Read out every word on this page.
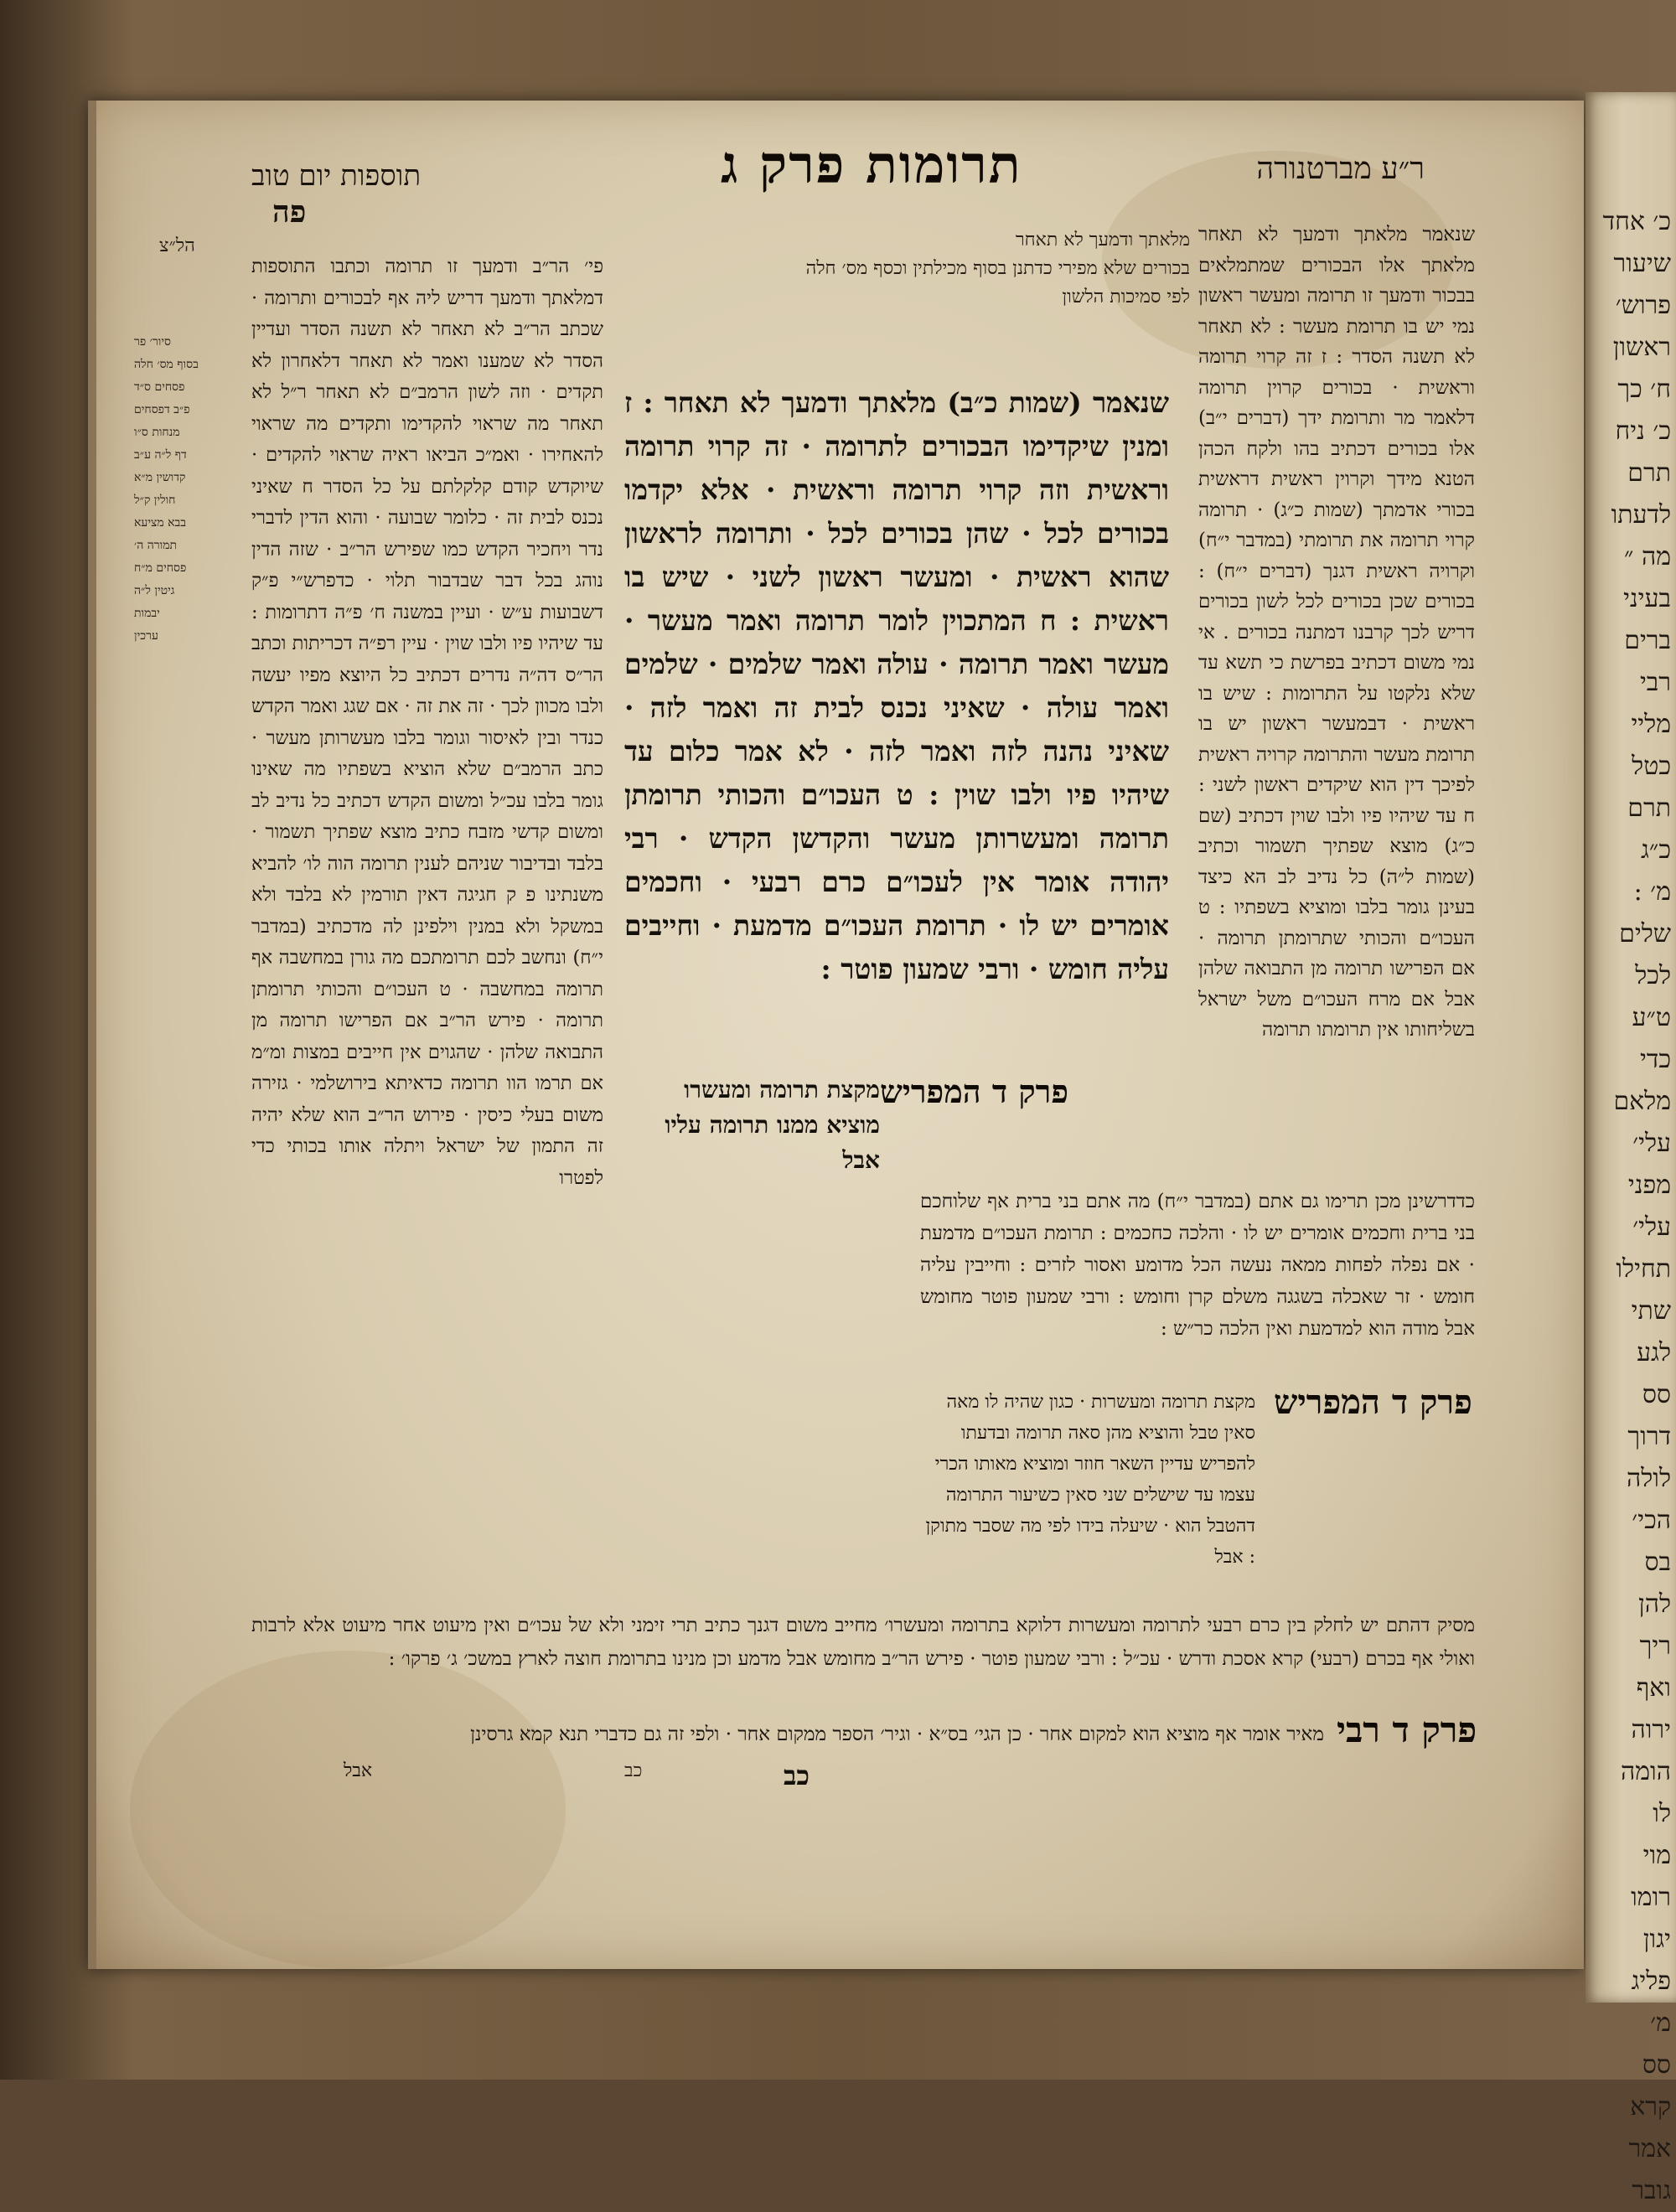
כ׳ אחד
שיעור
פרוש׳
ראשון
ח׳ כך
כ׳ ניח
תרם
לדעתו
מה ״
בעיני
ברים
רבי
מליי
כטל
תרם
כ״ג
מ׳ :
שלים
לכל
ט״ע
כדי
מלאם
עלי׳
מפני
עלי׳
תחילו
שתי
לגע
סס
דרוך
לולה
הכי׳
בס
להן
ריך
ואף
ירוה
הומה
לו
מוי
רומו
יגון
פליג
מ׳
סס
קרא
אמר
גובר
ר״ע מברטנורה
תרומות פרק ג
תוספות יום טוב
פה
הל״צ	מלאתך ודמעך לא תאחר
בכורים שלא מפירי כדתנן בסוף מכילתין וכסף מס׳ חלה
לפי סמיכות הלשון
שנאמר מלאתך ודמעך לא תאחר מלאתך אלו הבכורים שמתמלאים בבכור ודמעך זו תרומה ומעשר ראשון נמי יש בו תרומת מעשר : לא תאחר לא תשנה הסדר : ז זה קרוי תרומה וראשית · בכורים קרוין תרומה דלאמר מר ותרומת ידך (דברים י״ב) אלו בכורים דכתיב בהו ולקח הכהן הטנא מידך וקרוין ראשית דראשית בכורי אדמתך (שמות כ״ג) · תרומה קרוי תרומה את תרומתי (במדבר י״ח) וקרויה ראשית דגנך (דברים י״ח) : בכורים שכן בכורים לכל לשון בכורים דריש לכך קרבנו דמתנה בכורים . אי נמי משום דכתיב בפרשת כי תשא עד שלא נלקטו על התרומות : שיש בו ראשית · דבמעשר ראשון יש בו תרומת מעשר והתרומה קרויה ראשית לפיכך דין הוא שיקדים ראשון לשני : ח עד שיהיו פיו ולבו שוין דכתיב (שם כ״ג) מוצא שפתיך תשמור וכתיב (שמות ל״ה) כל נדיב לב הא כיצד בעינן גומר בלבו ומוציא בשפתיו : ט העכו״ם והכותי שתרומתן תרומה · אם הפרישו תרומה מן התבואה שלהן אבל אם מרח העכו״ם משל ישראל בשליחותו אין תרומתו תרומה
שנאמר (שמות כ״ב) מלאתך ודמעך לא תאחר : ז ומנין שיקדימו הבכורים לתרומה · זה קרוי תרומה וראשית וזה קרוי תרומה וראשית · אלא יקדמו בכורים לכל · שהן בכורים לכל · ותרומה לראשון שהוא ראשית · ומעשר ראשון לשני · שיש בו ראשית : ח המתכוין לומר תרומה ואמר מעשר · מעשר ואמר תרומה · עולה ואמר שלמים · שלמים ואמר עולה · שאיני נכנס לבית זה ואמר לזה · שאיני נהנה לזה ואמר לזה · לא אמר כלום עד שיהיו פיו ולבו שוין : ט העכו״ם והכותי תרומתן תרומה ומעשרותן מעשר והקדשן הקדש · רבי יהודה אומר אין לעכו״ם כרם רבעי · וחכמים אומרים יש לו · תרומת העכו״ם מדמעת · וחייבים עליה חומש · ורבי שמעון פוטר :
פי׳ הר״ב ודמעך זו תרומה וכתבו התוספות דמלאתך ודמעך דריש ליה אף לבכורים ותרומה · שכתב הר״ב לא תאחר לא תשנה הסדר ועדיין הסדר לא שמענו ואמר לא תאחר דלאחרון לא תקדים · וזה לשון הרמב״ם לא תאחר ר״ל לא תאחר מה שראוי להקדימו ותקדים מה שראוי להאחירו · ואמ״כ הביאו ראיה שראוי להקדים · שיוקדש קודם קלקלתם על כל הסדר ח שאיני נכנס לבית זה · כלומר שבועה · והוא הדין לדברי נדר ויחכיר הקדש כמו שפירש הר״ב · שזה הדין נוהג בכל דבר שבדבור תלוי · כדפרש״י פ״ק דשבועות ע״ש · ועיין במשנה ח׳ פ״ה דתרומות : עד שיהיו פיו ולבו שוין · עיין רפ״ה דכריתות וכתב הר״ס דה״ה נדרים דכתיב כל היוצא מפיו יעשה ולבו מכוון לכך · זה את זה · אם שגג ואמר הקדש כנדר ובין לאיסור וגומר בלבו מעשרותן מעשר · כתב הרמב״ם שלא הוציא בשפתיו מה שאינו גומר בלבו עכ״ל ומשום הקדש דכתיב כל נדיב לב ומשום קדשי מזבח כתיב מוצא שפתיך תשמור · בלבד ובדיבור שניהם לענין תרומה הוה לו׳ להביא משנתינו פ ק חגיגה דאין תורמין לא בלבד ולא במשקל ולא במנין וילפינן לה מדכתיב (במדבר י״ח) ונחשב לכם תרומתכם מה גורן במחשבה אף תרומה במחשבה · ט העכו״ם והכותי תרומתן תרומה · פירש הר״ב אם הפרישו תרומה מן התבואה שלהן · שהגוים אין חייבים במצות ומ״מ אם תרמו הוו תרומה כדאיתא בירושלמי · גזירה משום בעלי כיסין · פירוש הר״ב הוא שלא יהיה זה התמון של ישראל ויתלה אותו בכותי כדי לפטרו
סיור׳ פר
בסוף מס׳ חלה
פסחים ס״ד
פ״ב דפסחים
מנחות ס״ו
דף ל״ה ע״ב
קדושין מ״א
חולין ק״ל
בבא מציעא
תמורה ה׳
פסחים מ״ח
גיטין ל״ה
יבמות
ערכין
פרק ד המפריש
מקצת תרומה ומעשרו מוציא ממנו תרומה עליו
אבל
כדדרשינן מכן תרימו גם אתם (במדבר י״ח) מה אתם בני ברית אף שלוחכם בני ברית וחכמים אומרים יש לו · והלכה כחכמים : תרומת העכו״ם מדמעת · אם נפלה לפחות ממאה נעשה הכל מדומע ואסור לזרים : וחייבין עליה חומש · זר שאכלה בשגגה משלם קרן וחומש : ורבי שמעון פוטר מחומש אבל מודה הוא למדמעת ואין הלכה כר״ש :
פרק ד המפריש
מקצת תרומה ומעשרות · כגון שהיה לו מאה סאין טבל והוציא מהן סאה תרומה ובדעתו להפריש עדיין השאר חוזר ומוציא מאותו הכרי עצמו עד שישלים שני סאין כשיעור התרומה דהטבל הוא · שיעלה בידו לפי מה שסבר מתוקן : אבל
מסיק דהתם יש לחלק בין כרם רבעי לתרומה ומעשרות דלוקא בתרומה ומעשרו׳ מחייב משום דגנך כתיב תרי זימני ולא של עכו״ם ואין מיעוט אחר מיעוט אלא לרבות ואולי אף בכרם (רבעי) קרא אסכת ודרש · עכ״ל : ורבי שמעון פוטר · פירש הר״ב מחומש אבל מדמע וכן מנינו בתרומת חוצה לארץ במשכ׳ ג׳ פרקו׳ :
פרק ד רבי
מאיר אומר אף מוציא הוא למקום אחר · כן הגי׳ בס״א · וגיר׳ הספר ממקום אחר · ולפי זה גם כדברי תנא קמא גרסינן
כב
אבל	כב
